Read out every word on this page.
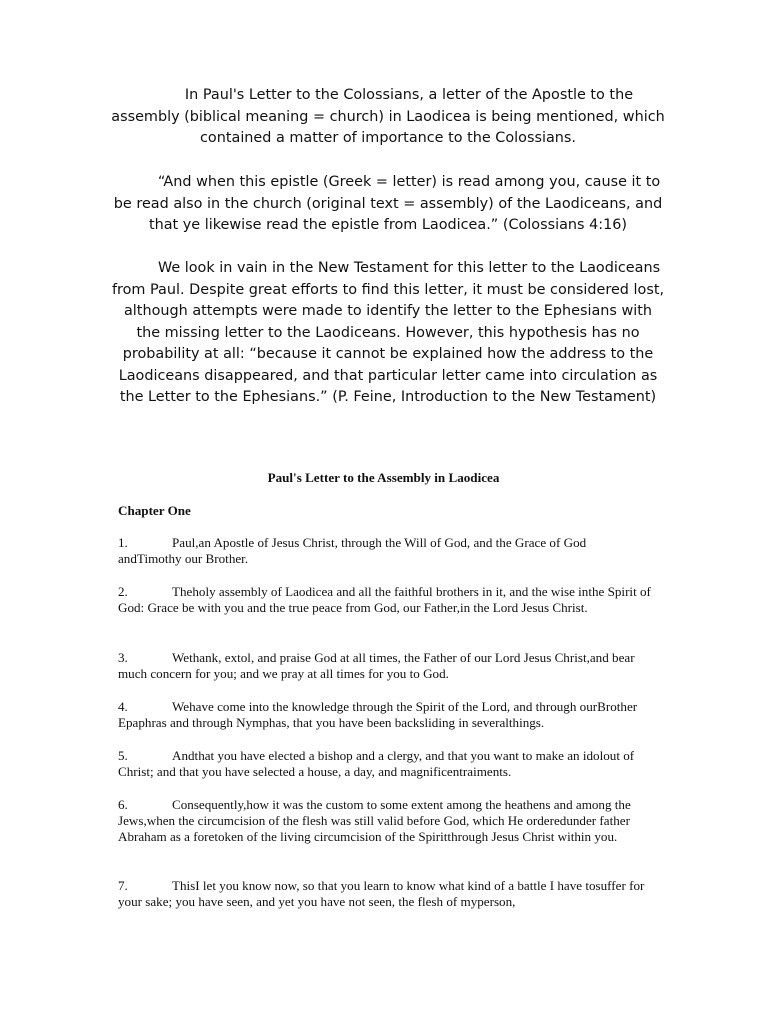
In Paul's Letter to the Colossians, a letter of the Apostle to the assembly (biblical meaning = church) in Laodicea is being mentioned, which contained a matter of importance to the Colossians.

“And when this epistle (Greek = letter) is read among you, cause it to be read also in the church (original text = assembly) of the Laodiceans, and that ye likewise read the epistle from Laodicea.” (Colossians 4:16)

We look in vain in the New Testament for this letter to the Laodiceans from Paul. Despite great efforts to find this letter, it must be considered lost, although attempts were made to identify the letter to the Ephesians with the missing letter to the Laodiceans. However, this hypothesis has no probability at all: “because it cannot be explained how the address to the Laodiceans disappeared, and that particular letter came into circulation as the Letter to the Ephesians.” (P. Feine, Introduction to the New Testament)

Paul's Letter to the Assembly in Laodicea
Chapter One

1.	Paul,an Apostle of Jesus Christ, through the Will of God, and the Grace of God andTimothy our Brother.

2.	Theholy assembly of Laodicea and all the faithful brothers in it, and the wise inthe Spirit of God: Grace be with you and the true peace from God, our Father,in the Lord Jesus Christ.

3.	Wethank, extol, and praise God at all times, the Father of our Lord Jesus Christ,and bear much concern for you; and we pray at all times for you to God.

4.	Wehave come into the knowledge through the Spirit of the Lord, and through ourBrother Epaphras and through Nymphas, that you have been backsliding in severalthings.

5.	Andthat you have elected a bishop and a clergy, and that you want to make an idolout of Christ; and that you have selected a house, a day, and magnificentraiments.

6.	Consequently,how it was the custom to some extent among the heathens and among the Jews,when the circumcision of the flesh was still valid before God, which He orderedunder father Abraham as a foretoken of the living circumcision of the Spiritthrough Jesus Christ within you.

7.	ThisI let you know now, so that you learn to know what kind of a battle I have tosuffer for your sake; you have seen, and yet you have not seen, the flesh of myperson,
